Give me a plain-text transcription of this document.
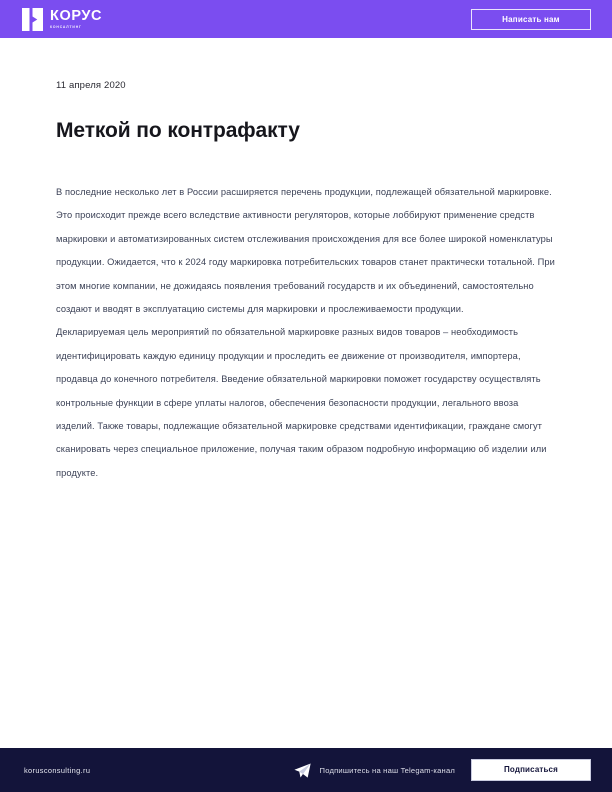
КОРУС
КОНСАЛТИНГ
Написать нам
11 апреля 2020
Меткой по контрафакту

В последние несколько лет в России расширяется перечень продукции, подлежащей обязательной маркировке. Это происходит прежде всего вследствие активности регуляторов, которые лоббируют применение средств маркировки и автоматизированных систем отслеживания происхождения для все более широкой номенклатуры продукции. Ожидается, что к 2024 году маркировка потребительских товаров станет практически тотальной. При этом многие компании, не дожидаясь появления требований государств и их объединений, самостоятельно создают и вводят в эксплуатацию системы для маркировки и прослеживаемости продукции.

Декларируемая цель мероприятий по обязательной маркировке разных видов товаров – необходимость идентифицировать каждую единицу продукции и проследить ее движение от производителя, импортера, продавца до конечного потребителя. Введение обязательной маркировки поможет государству осуществлять контрольные функции в сфере уплаты налогов, обеспечения безопасности продукции, легального ввоза изделий. Также товары, подлежащие обязательной маркировке средствами идентификации, граждане смогут сканировать через специальное приложение, получая таким образом подробную информацию об изделии или продукте.

korusconsulting.ru	Подпишитесь на наш Telegam-канал	Подписаться
